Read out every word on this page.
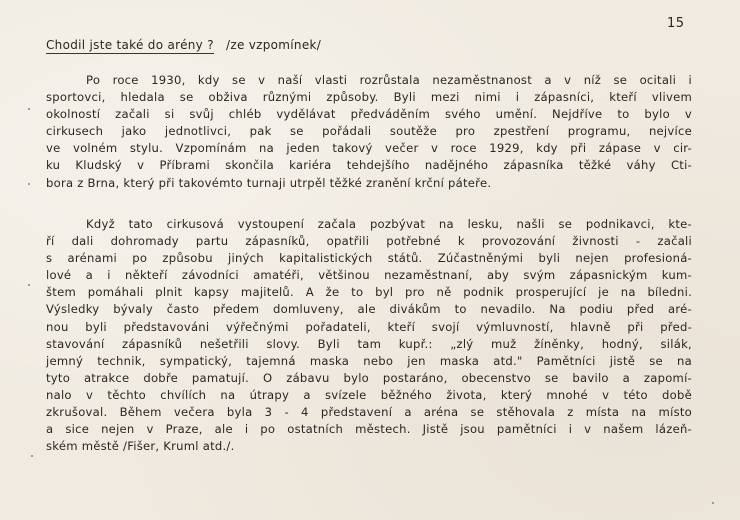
15
Chodil jste také do arény ? /ze vzpomínek/
Po roce 1930, kdy se v naší vlasti rozrůstala nezaměstnanost a v níž se ocitali i
sportovci, hledala se obživa různými způsoby. Byli mezi nimi i zápasníci, kteří vlivem
okolností začali si svůj chléb vydělávat předváděním svého umění. Nejdříve to bylo v
cirkusech jako jednotlivci, pak se pořádali soutěže pro zpestření programu, nejvíce
ve volném stylu. Vzpomínám na jeden takový večer v roce 1929, kdy při zápase v cir-
ku Kludský v Příbrami skončila kariéra tehdejšího nadějného zápasníka těžké váhy Cti-
bora z Brna, který při takovémto turnaji utrpěl těžké zranění krční páteře.
Když tato cirkusová vystoupení začala pozbývat na lesku, našli se podnikavci, kte-
ří dali dohromady partu zápasníků, opatřili potřebné k provozování živnosti - začali
s arénami po způsobu jiných kapitalistických států. Zúčastněnými byli nejen profesioná-
lové a i někteří závodníci amatéři, většinou nezaměstnaní, aby svým zápasnickým kum-
štem pomáhali plnit kapsy majitelů. A že to byl pro ně podnik prosperující je na bíledni.
Výsledky bývaly často předem domluveny, ale divákům to nevadilo. Na podiu před aré-
nou byli představováni výřečnými pořadateli, kteří svojí výmluvností, hlavně při před-
stavování zápasníků nešetřili slovy. Byli tam kupř.: „zlý muž žíněnky, hodný, silák,
jemný technik, sympatický, tajemná maska nebo jen maska atd." Pamětníci jistě se na
tyto atrakce dobře pamatují. O zábavu bylo postaráno, obecenstvo se bavilo a zapomí-
nalo v těchto chvílích na útrapy a svízele běžného života, který mnohé v této době
zkrušoval. Během večera byla 3 - 4 představení a aréna se stěhovala z místa na místo
a sice nejen v Praze, ale i po ostatních městech. Jistě jsou pamětníci i v našem lázeň-
ském městě /Fišer, Kruml atd./.
